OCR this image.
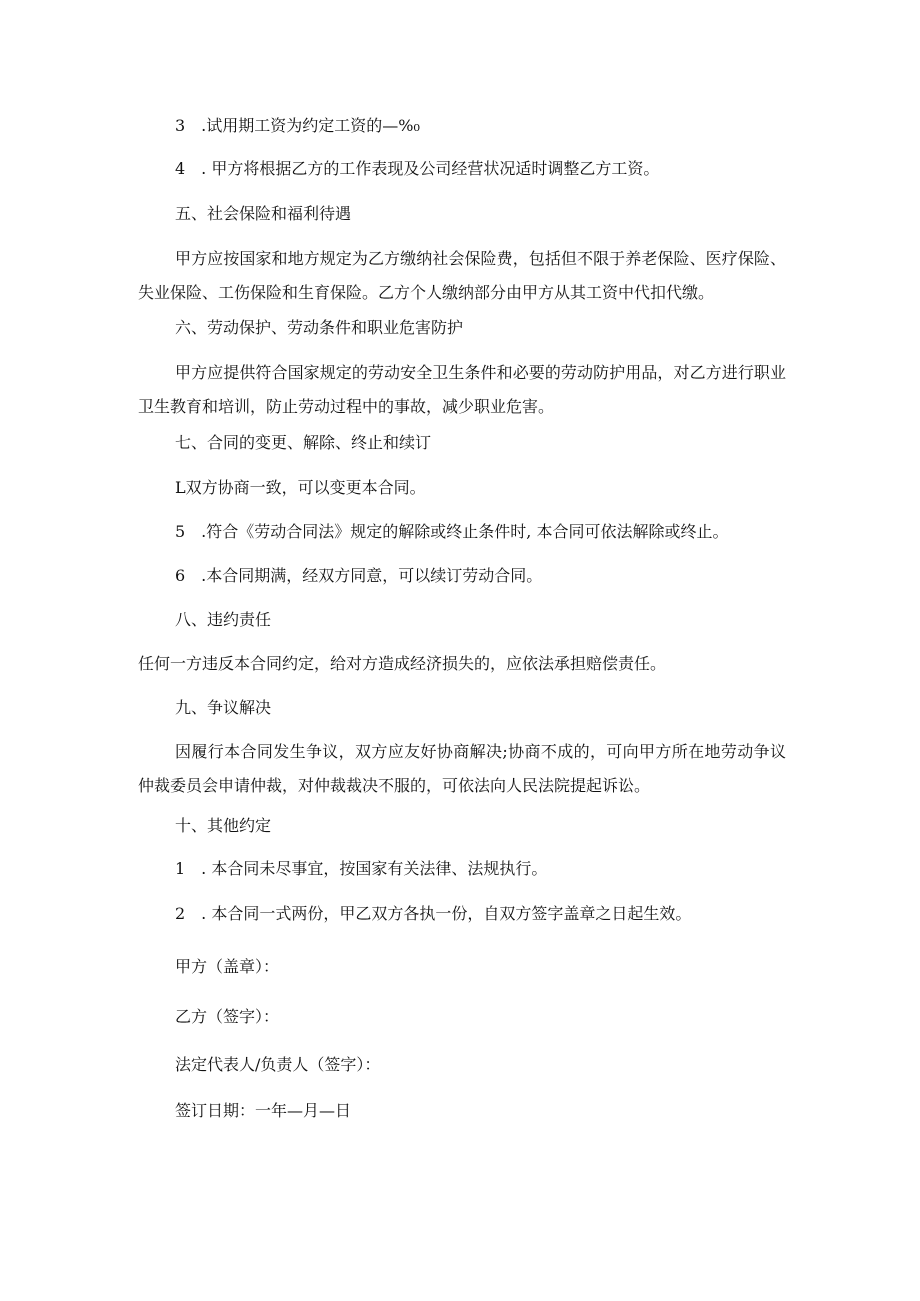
3　.试用期工资为约定工资的—%₀

4　. 甲方将根据乙方的工作表现及公司经营状况适时调整乙方工资。

五、社会保险和福利待遇

甲方应按国家和地方规定为乙方缴纳社会保险费，包括但不限于养老保险、医疗保险、失业保险、工伤保险和生育保险。乙方个人缴纳部分由甲方从其工资中代扣代缴。

六、劳动保护、劳动条件和职业危害防护

甲方应提供符合国家规定的劳动安全卫生条件和必要的劳动防护用品，对乙方进行职业卫生教育和培训，防止劳动过程中的事故，减少职业危害。

七、合同的变更、解除、终止和续订

L双方协商一致，可以变更本合同。

5　.符合《劳动合同法》规定的解除或终止条件时, 本合同可依法解除或终止。

6　.本合同期满，经双方同意，可以续订劳动合同。

八、违约责任

任何一方违反本合同约定，给对方造成经济损失的，应依法承担赔偿责任。

九、争议解决

因履行本合同发生争议，双方应友好协商解决;协商不成的，可向甲方所在地劳动争议仲裁委员会申请仲裁，对仲裁裁决不服的，可依法向人民法院提起诉讼。

十、其他约定

1　. 本合同未尽事宜，按国家有关法律、法规执行。

2　. 本合同一式两份，甲乙双方各执一份，自双方签字盖章之日起生效。

甲方（盖章）：

乙方（签字）：

法定代表人/负责人（签字）：

签订日期：一年—月—日
